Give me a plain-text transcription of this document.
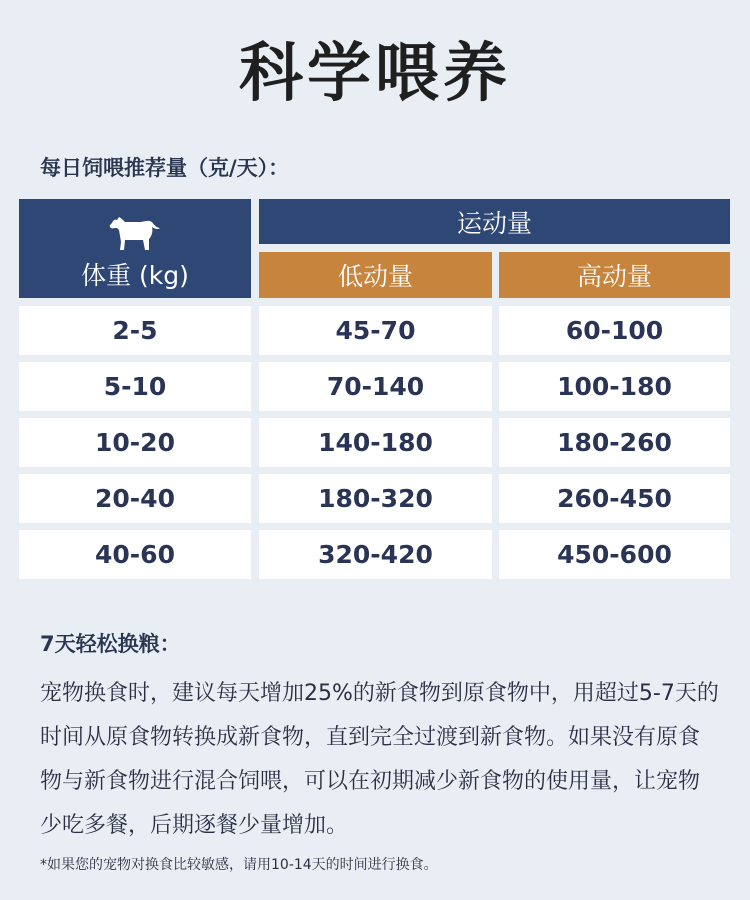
科学喂养
每日饲喂推荐量（克/天）：
体重 (kg)
运动量
低动量	高动量
2-5	45-70	60-100
5-10	70-140	100-180
10-20	140-180	180-260
20-40	180-320	260-450
40-60	320-420	450-600
7天轻松换粮：
宠物换食时，建议每天增加25%的新食物到原食物中，用超过5-7天的时间从原食物转换成新食物，直到完全过渡到新食物。如果没有原食物与新食物进行混合饲喂，可以在初期减少新食物的使用量，让宠物少吃多餐，后期逐餐少量增加。
*如果您的宠物对换食比较敏感，请用10-14天的时间进行换食。
